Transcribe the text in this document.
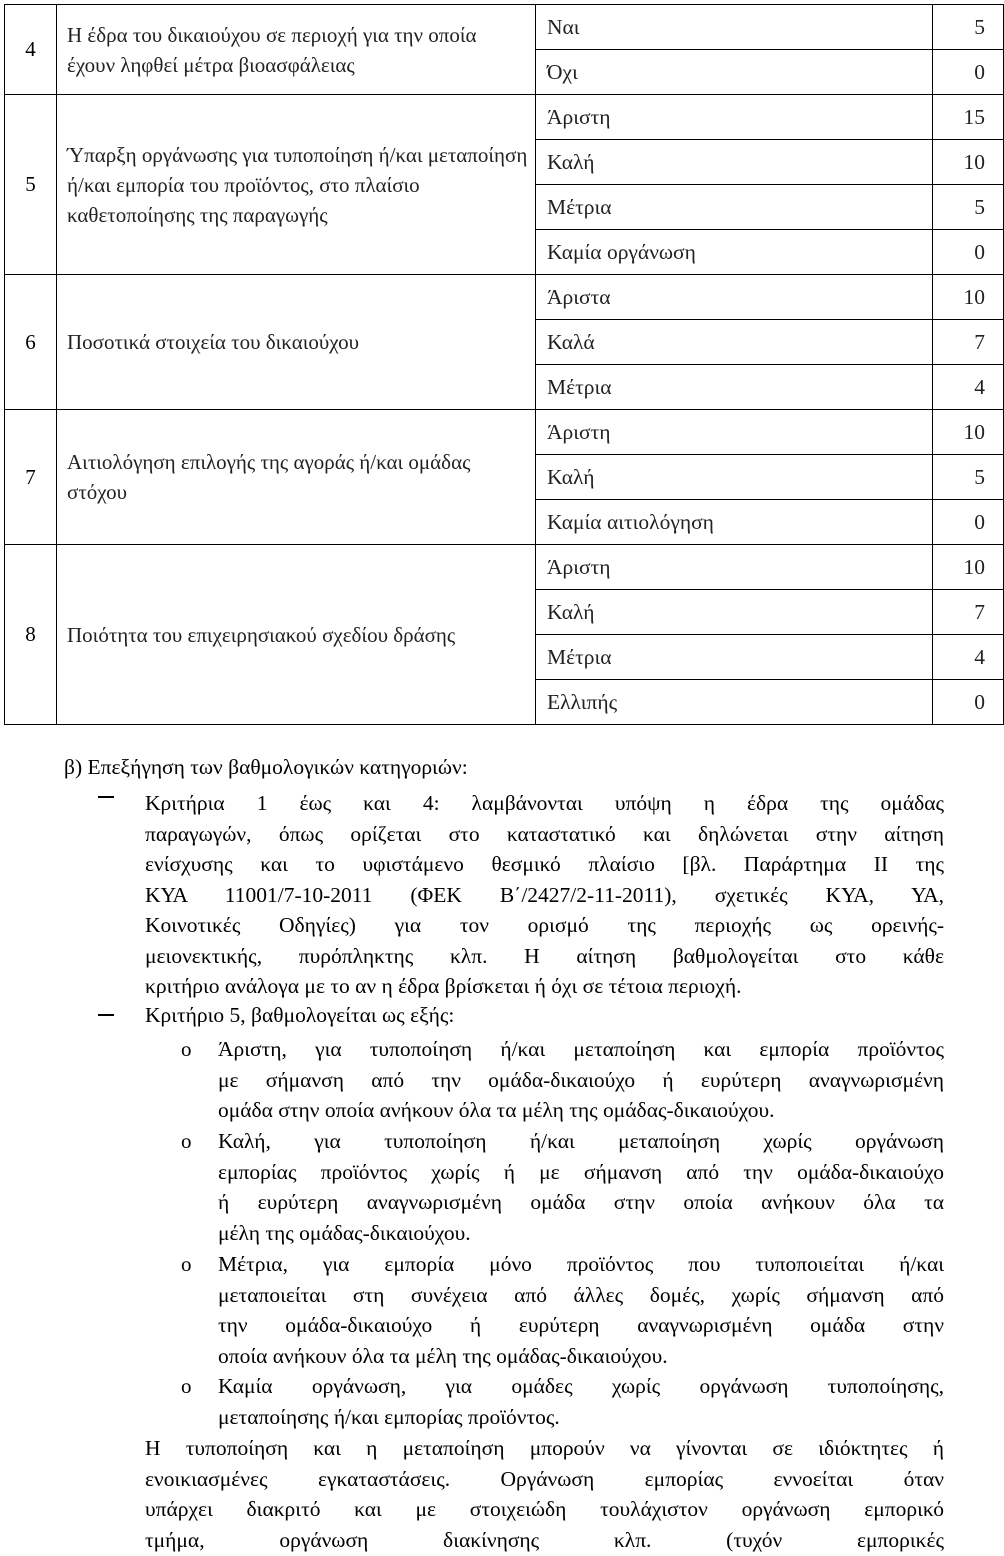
4	Η έδρα του δικαιούχου σε περιοχή για την οποία έχουν ληφθεί μέτρα βιοασφάλειας	Ναι	5
		Όχι	0
5	Ύπαρξη οργάνωσης για τυποποίηση ή/και μεταποίηση ή/και εμπορία του προϊόντος, στο πλαίσιο καθετοποίησης της παραγωγής	Άριστη	15
		Καλή	10
		Μέτρια	5
		Καμία οργάνωση	0
6	Ποσοτικά στοιχεία του δικαιούχου	Άριστα	10
		Καλά	7
		Μέτρια	4
7	Αιτιολόγηση επιλογής της αγοράς ή/και ομάδας στόχου	Άριστη	10
		Καλή	5
		Καμία αιτιολόγηση	0
8	Ποιότητα του επιχειρησιακού σχεδίου δράσης	Άριστη	10
		Καλή	7
		Μέτρια	4
		Ελλιπής	0
β) Επεξήγηση των βαθμολογικών κατηγοριών:
Κριτήρια 1 έως και 4: λαμβάνονται υπόψη η έδρα της ομάδας
παραγωγών, όπως ορίζεται στο καταστατικό και δηλώνεται στην αίτηση
ενίσχυσης και το υφιστάμενο θεσμικό πλαίσιο [βλ. Παράρτημα ΙΙ της
ΚΥΑ 11001/7-10-2011 (ΦΕΚ Β΄/2427/2-11-2011), σχετικές ΚΥΑ, ΥΑ,
Κοινοτικές Οδηγίες) για τον ορισμό της περιοχής ως ορεινής-
μειονεκτικής, πυρόπληκτης κλπ. Η αίτηση βαθμολογείται στο κάθε
κριτήριο ανάλογα με το αν η έδρα βρίσκεται ή όχι σε τέτοια περιοχή.
Κριτήριο 5, βαθμολογείται ως εξής:
o Άριστη, για τυποποίηση ή/και μεταποίηση και εμπορία προϊόντος
με σήμανση από την ομάδα-δικαιούχο ή ευρύτερη αναγνωρισμένη
ομάδα στην οποία ανήκουν όλα τα μέλη της ομάδας-δικαιούχου.
o Καλή, για τυποποίηση ή/και μεταποίηση χωρίς οργάνωση
εμπορίας προϊόντος χωρίς ή με σήμανση από την ομάδα-δικαιούχο
ή ευρύτερη αναγνωρισμένη ομάδα στην οποία ανήκουν όλα τα
μέλη της ομάδας-δικαιούχου.
o Μέτρια, για εμπορία μόνο προϊόντος που τυποποιείται ή/και
μεταποιείται στη συνέχεια από άλλες δομές, χωρίς σήμανση από
την ομάδα-δικαιούχο ή ευρύτερη αναγνωρισμένη ομάδα στην
οποία ανήκουν όλα τα μέλη της ομάδας-δικαιούχου.
o Καμία οργάνωση, για ομάδες χωρίς οργάνωση τυποποίησης,
μεταποίησης ή/και εμπορίας προϊόντος.
Η τυποποίηση και η μεταποίηση μπορούν να γίνονται σε ιδιόκτητες ή
ενοικιασμένες εγκαταστάσεις. Οργάνωση εμπορίας εννοείται όταν
υπάρχει διακριτό και με στοιχειώδη τουλάχιστον οργάνωση εμπορικό
τμήμα, οργάνωση διακίνησης κλπ. (τυχόν εμπορικές
